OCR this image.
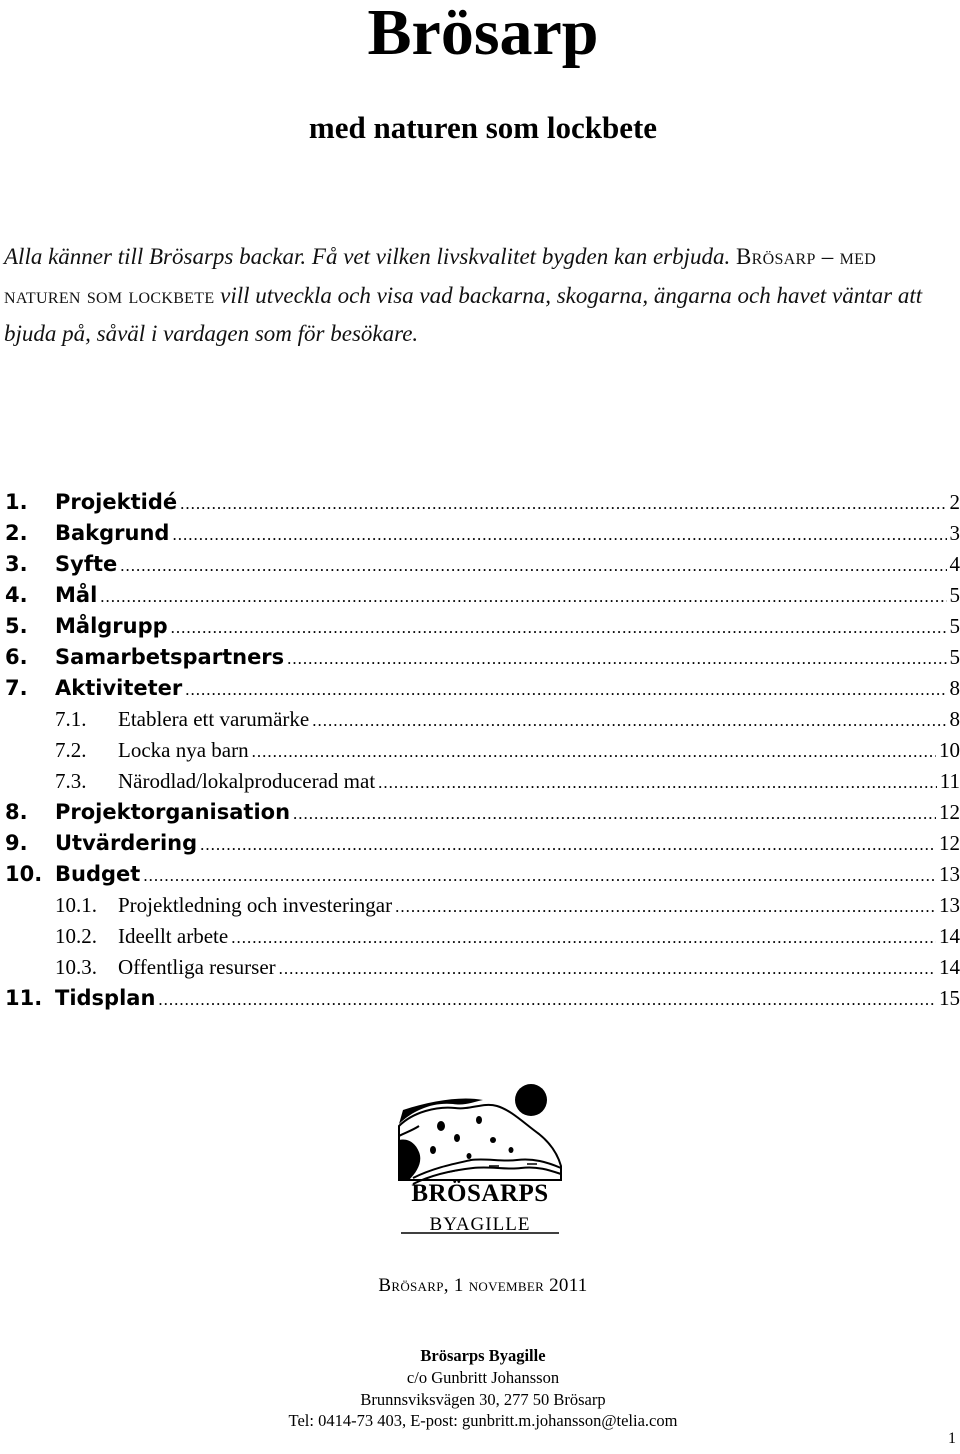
Brösarp
med naturen som lockbete

Alla känner till Brösarps backar. Få vet vilken livskvalitet bygden kan erbjuda. Brösarp – med naturen som lockbete vill utveckla och visa vad backarna, skogarna, ängarna och havet väntar att bjuda på, såväl i vardagen som för besökare.

1.	Projektidé .....	2
2.	Bakgrund .....	3
3.	Syfte .....	4
4.	Mål .....	5
5.	Målgrupp .....	5
6.	Samarbetspartners .....	5
7.	Aktiviteter .....	8
7.1.	Etablera ett varumärke .....	8
7.2.	Locka nya barn .....	10
7.3.	Närodlad/lokalproducerad mat .....	11
8.	Projektorganisation .....	12
9.	Utvärdering .....	12
10. Budget .....	13
10.1.	Projektledning och investeringar .....	13
10.2.	Ideellt arbete .....	14
10.3.	Offentliga resurser .....	14
11. Tidsplan .....	15
BRÖSARPS
BYAGILLE
Brösarp, 1 november 2011
Brösarps Byagille
c/o Gunbritt Johansson
Brunnsviksvägen 30, 277 50 Brösarp
Tel: 0414-73 403, E-post: gunbritt.m.johansson@telia.com
1
